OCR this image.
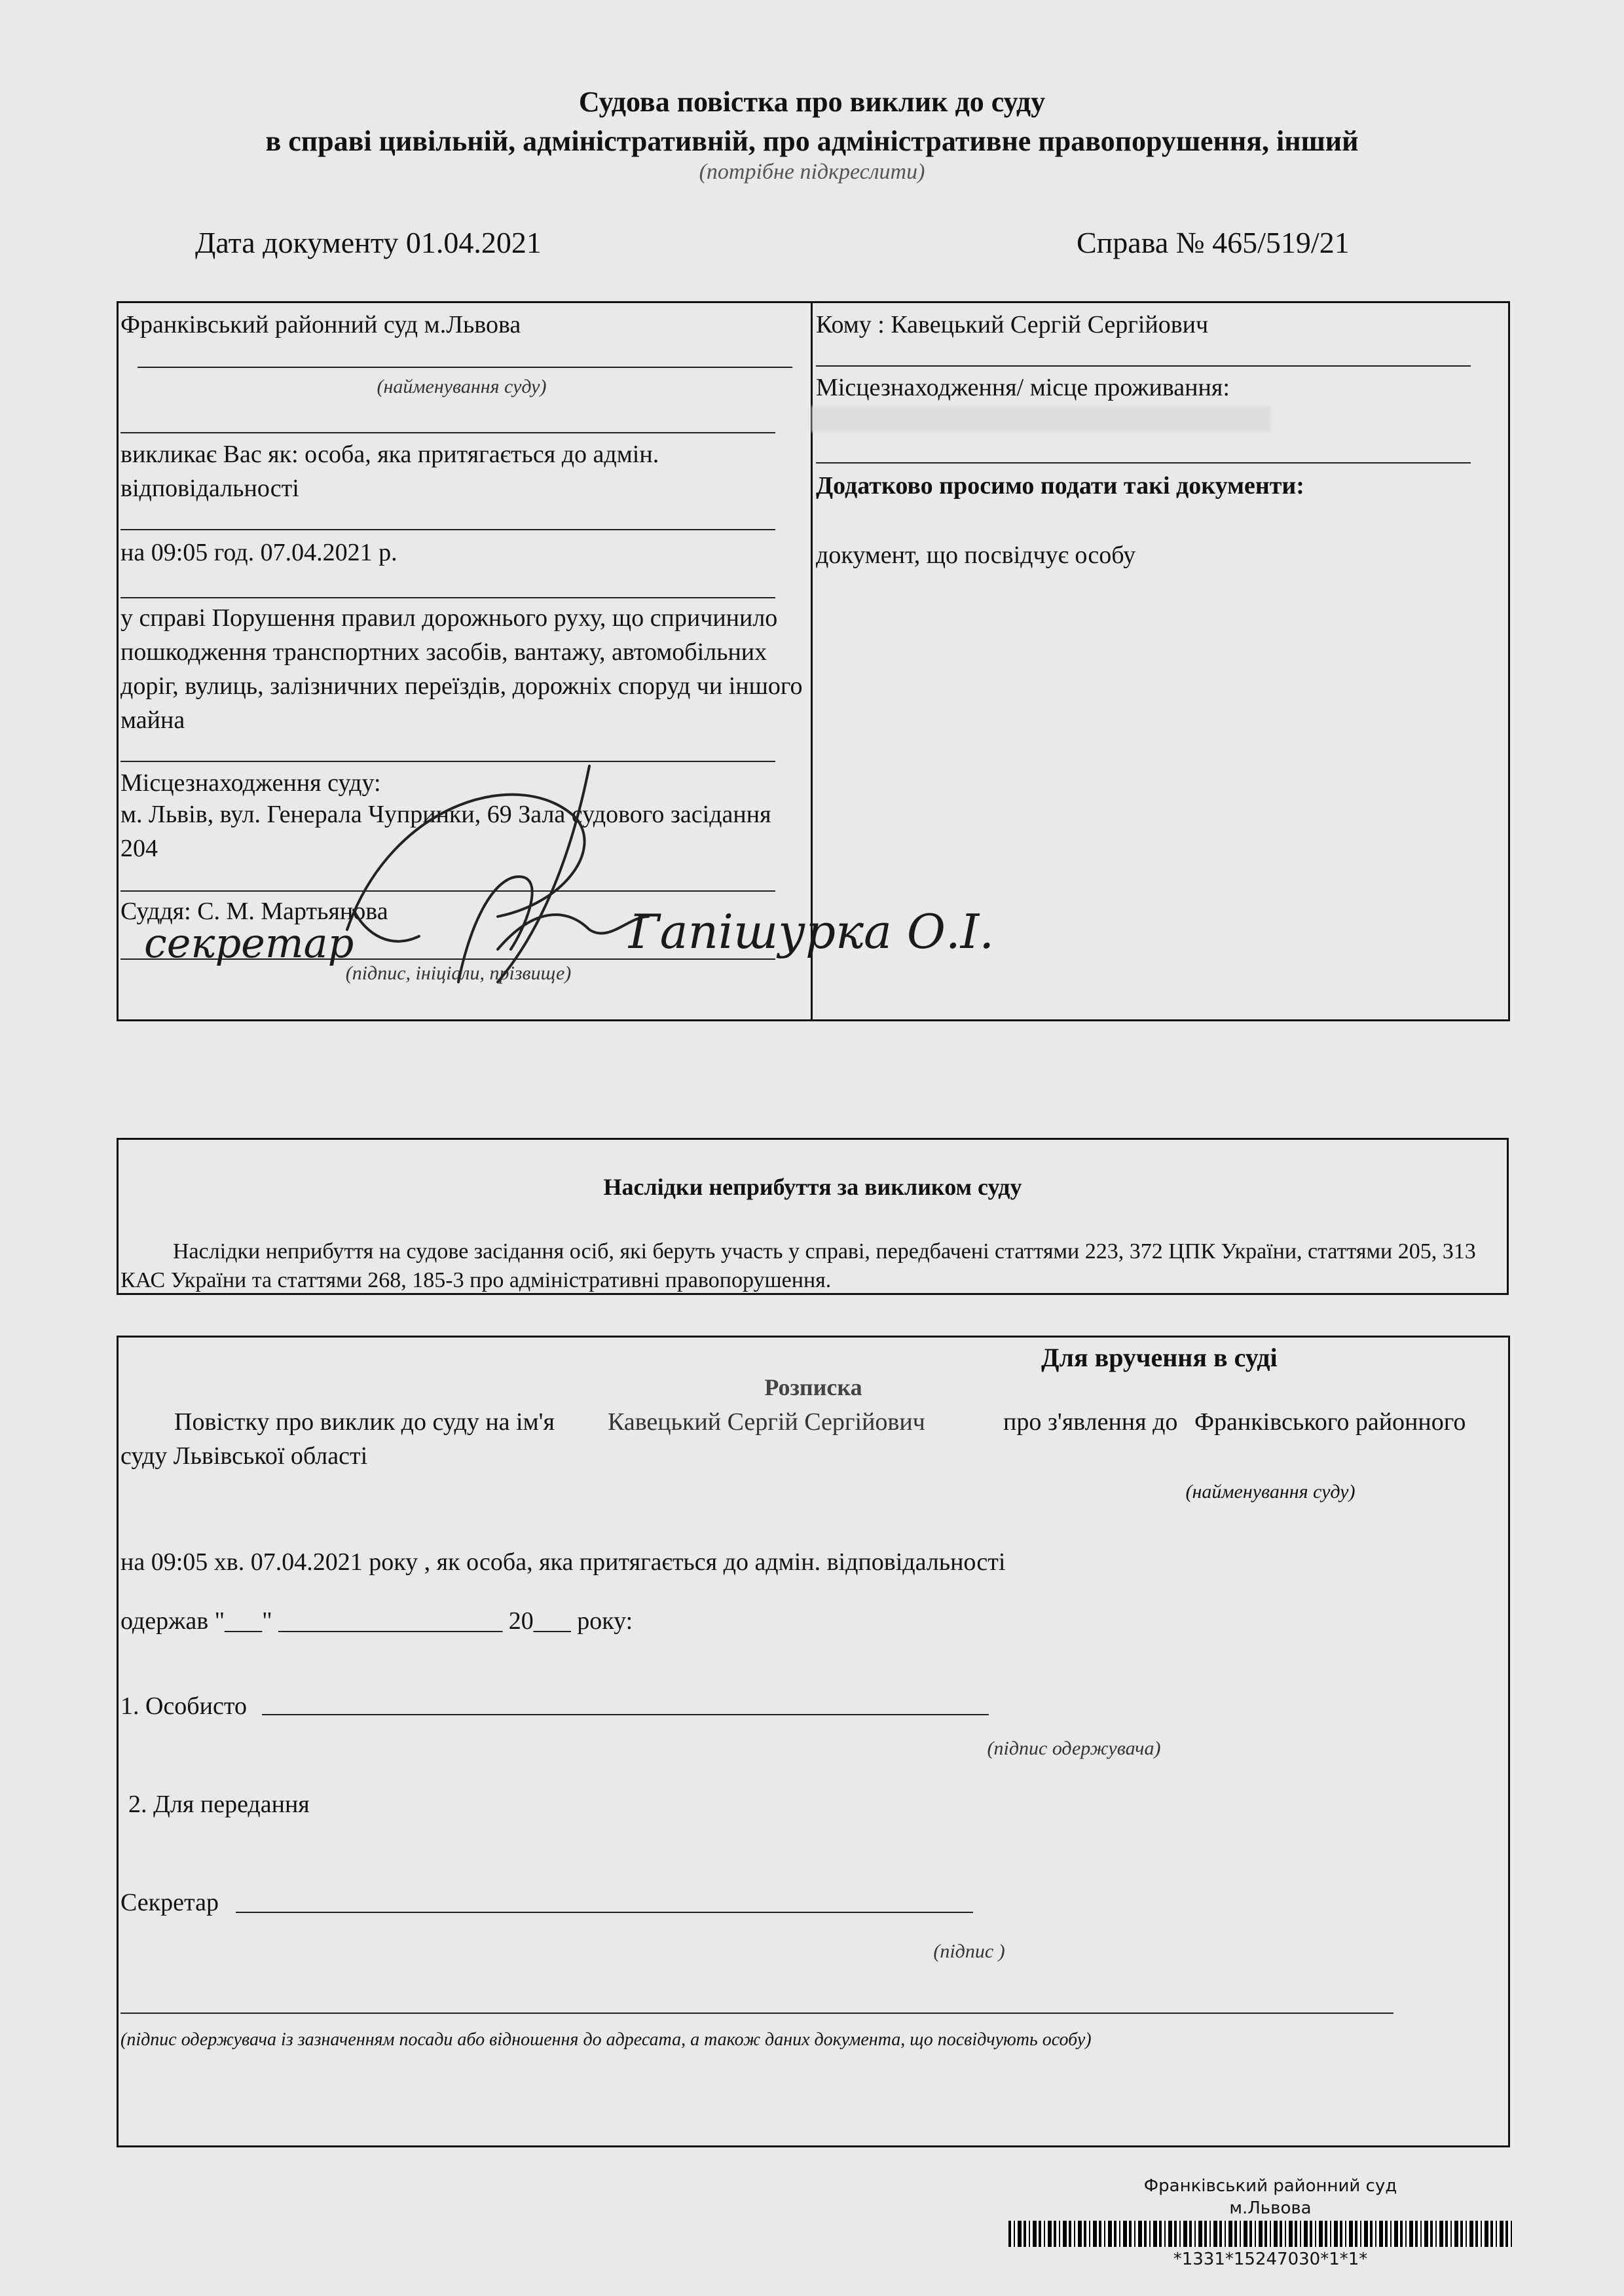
Судова повістка про виклик до суду
в справі цивільній, адміністративній, про адміністративне правопорушення, інший
(потрібне підкреслити)
Дата документу 01.04.2021	Справа № 465/519/21
Франківський районний суд м.Львова
(найменування суду)
викликає Вас як: особа, яка притягається до адмін. відповідальності
на 09:05 год. 07.04.2021 р.
у справі Порушення правил дорожнього руху, що спричинило пошкодження транспортних засобів, вантажу, автомобільних доріг, вулиць, залізничних переїздів, дорожніх споруд чи іншого майна
Місцезнаходження суду:
м. Львів, вул. Генерала Чупринки, 69 Зала судового засідання 204
Суддя: С. М. Мартьянова
(підпис, ініціали, прізвище)
секретар	Гапішурка О.І.
Кому : Кавецький Сергій Сергійович
Місцезнаходження/ місце проживання:
Додатково просимо подати такі документи:
документ, що посвідчує особу
Наслідки неприбуття за викликом суду
Наслідки неприбуття на судове засідання осіб, які беруть участь у справі, передбачені статтями 223, 372 ЦПК України, статтями 205, 313 КАС України та статтями 268, 185-3 про адміністративні правопорушення.
Для вручення в суді
Розписка
Повістку про виклик до суду на ім'я Кавецький Сергій Сергійович	про з'явлення до Франківського районного суду Львівської області
(найменування суду)
на 09:05 хв. 07.04.2021 року , як особа, яка притягається до адмін. відповідальності
одержав "___" __________________ 20___ року:
1. Особисто
(підпис одержувача)
2. Для передання
Секретар
(підпис )
(підпис одержувача із зазначенням посади або відношення до адресата, а також даних документа, що посвідчують особу)
Франківський районний суд
м.Львова
*1331*15247030*1*1*
